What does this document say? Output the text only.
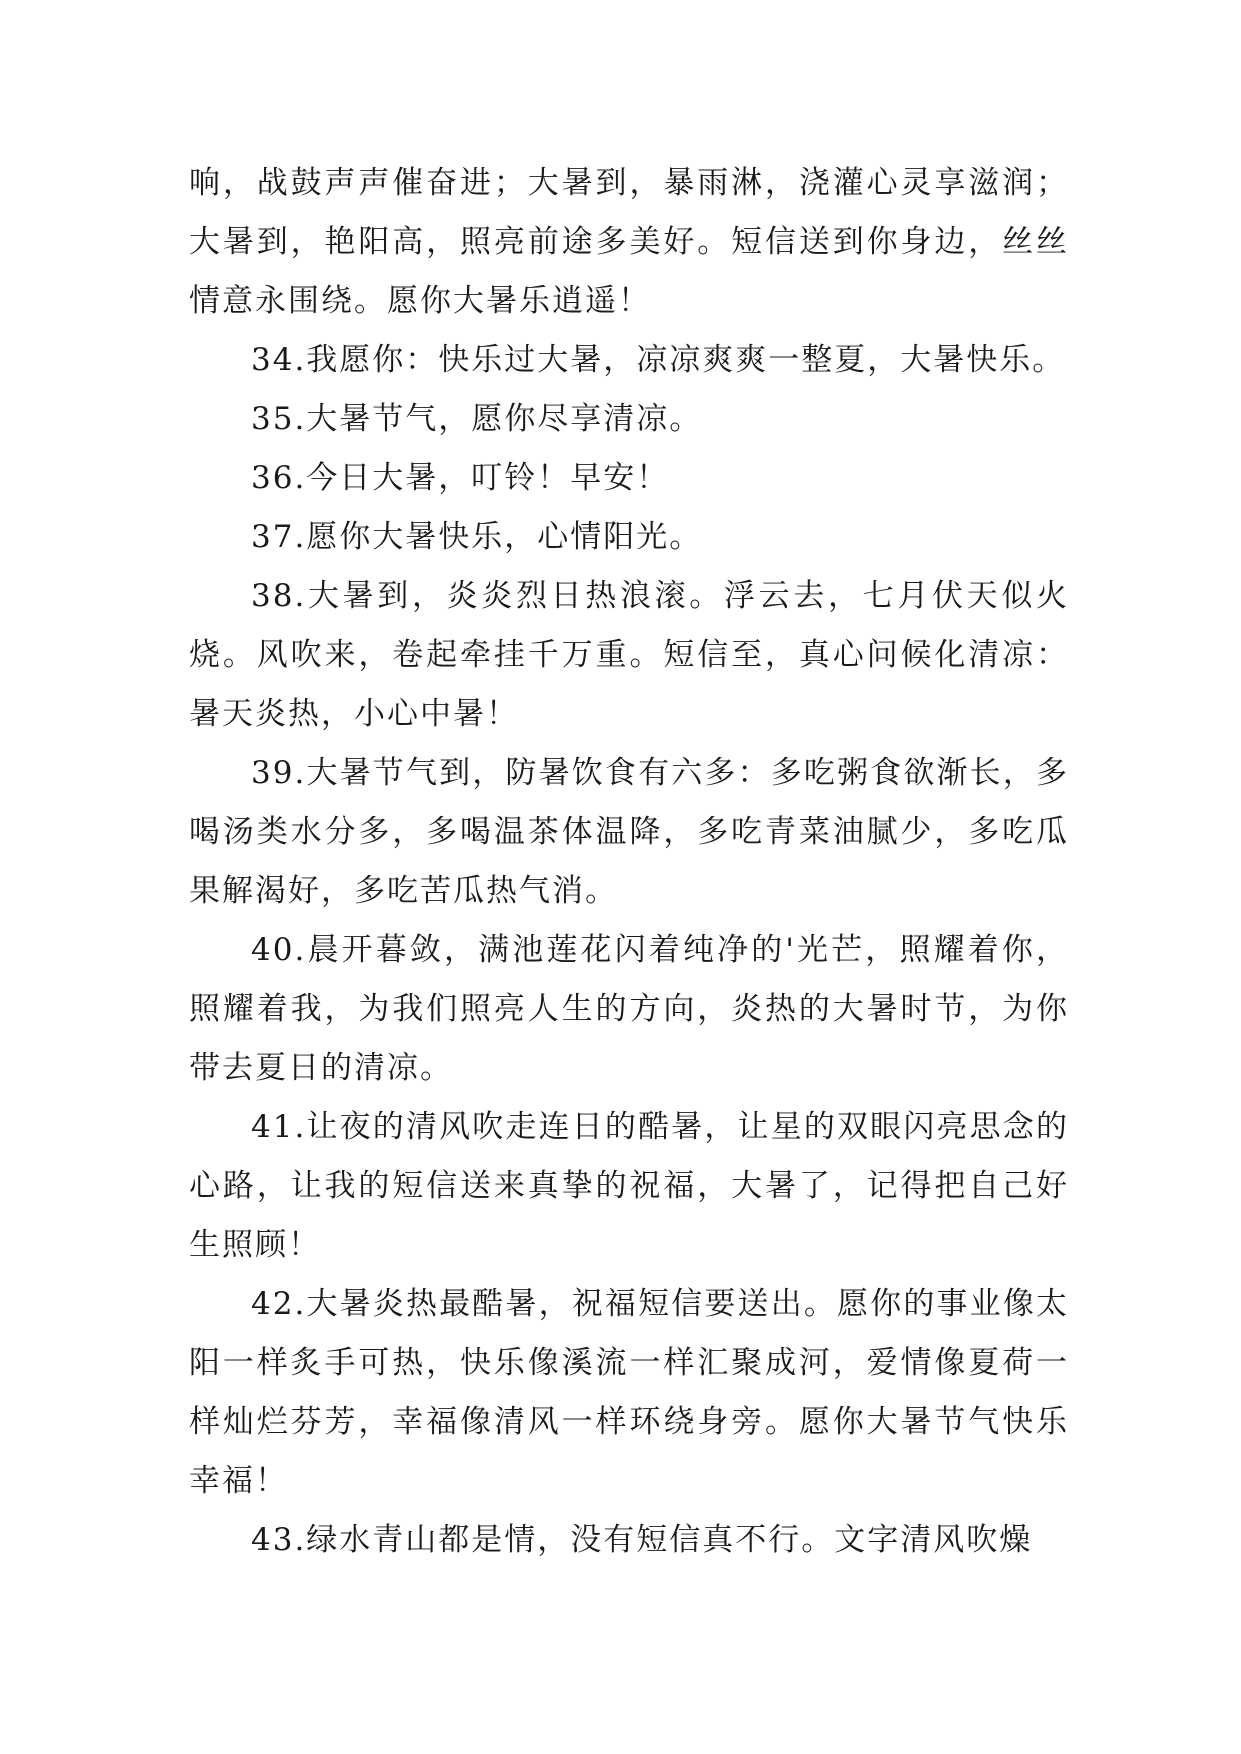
响，战鼓声声催奋进；大暑到，暴雨淋，浇灌心灵享滋润；大暑到，艳阳高，照亮前途多美好。短信送到你身边，丝丝情意永围绕。愿你大暑乐逍遥！

34.我愿你：快乐过大暑，凉凉爽爽一整夏，大暑快乐。

35.大暑节气，愿你尽享清凉。

36.今日大暑，叮铃！早安！

37.愿你大暑快乐，心情阳光。

38.大暑到，炎炎烈日热浪滚。浮云去，七月伏天似火烧。风吹来，卷起牵挂千万重。短信至，真心问候化清凉：暑天炎热，小心中暑！

39.大暑节气到，防暑饮食有六多：多吃粥食欲渐长，多喝汤类水分多，多喝温茶体温降，多吃青菜油腻少，多吃瓜果解渴好，多吃苦瓜热气消。

40.晨开暮敛，满池莲花闪着纯净的'光芒，照耀着你，照耀着我，为我们照亮人生的方向，炎热的大暑时节，为你带去夏日的清凉。

41.让夜的清风吹走连日的酷暑，让星的双眼闪亮思念的心路，让我的短信送来真挚的祝福，大暑了，记得把自己好生照顾！

42.大暑炎热最酷暑，祝福短信要送出。愿你的事业像太阳一样炙手可热，快乐像溪流一样汇聚成河，爱情像夏荷一样灿烂芬芳，幸福像清风一样环绕身旁。愿你大暑节气快乐幸福！

43.绿水青山都是情，没有短信真不行。文字清风吹燥
